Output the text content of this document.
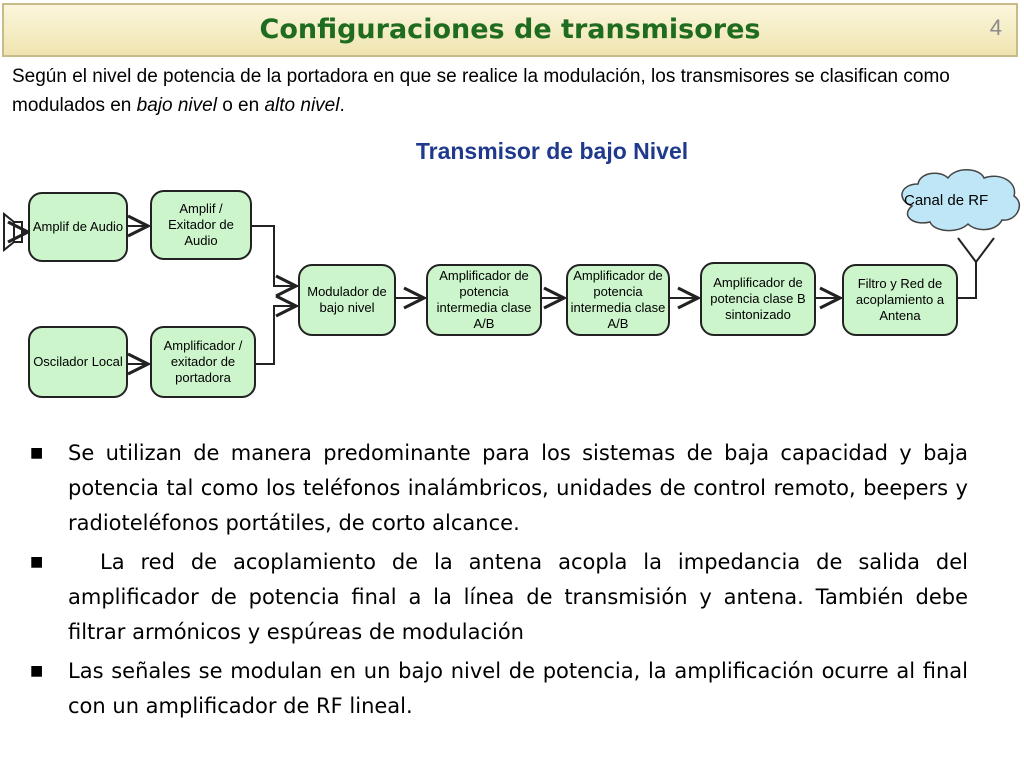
Configuraciones de transmisores	4
Según el nivel de potencia de la portadora en que se realice la modulación, los transmisores se clasifican como modulados en bajo nivel o en alto nivel.
Transmisor de bajo Nivel
Amplif de Audio
Amplif / Exitador de Audio
Oscilador Local
Amplificador / exitador de portadora
Modulador de bajo nivel
Amplificador de potencia intermedia clase A/B
Amplificador de potencia intermedia clase A/B
Amplificador de potencia clase B sintonizado
Filtro y Red de acoplamiento a Antena
Canal de RF
■ Se utilizan de manera predominante para los sistemas de baja capacidad y baja potencia tal como los teléfonos inalámbricos, unidades de control remoto, beepers y radioteléfonos portátiles, de corto alcance.
■	La red de acoplamiento de la antena acopla la impedancia de salida del amplificador de potencia final a la línea de transmisión y antena. También debe filtrar armónicos y espúreas de modulación
■ Las señales se modulan en un bajo nivel de potencia, la amplificación ocurre al final con un amplificador de RF lineal.
